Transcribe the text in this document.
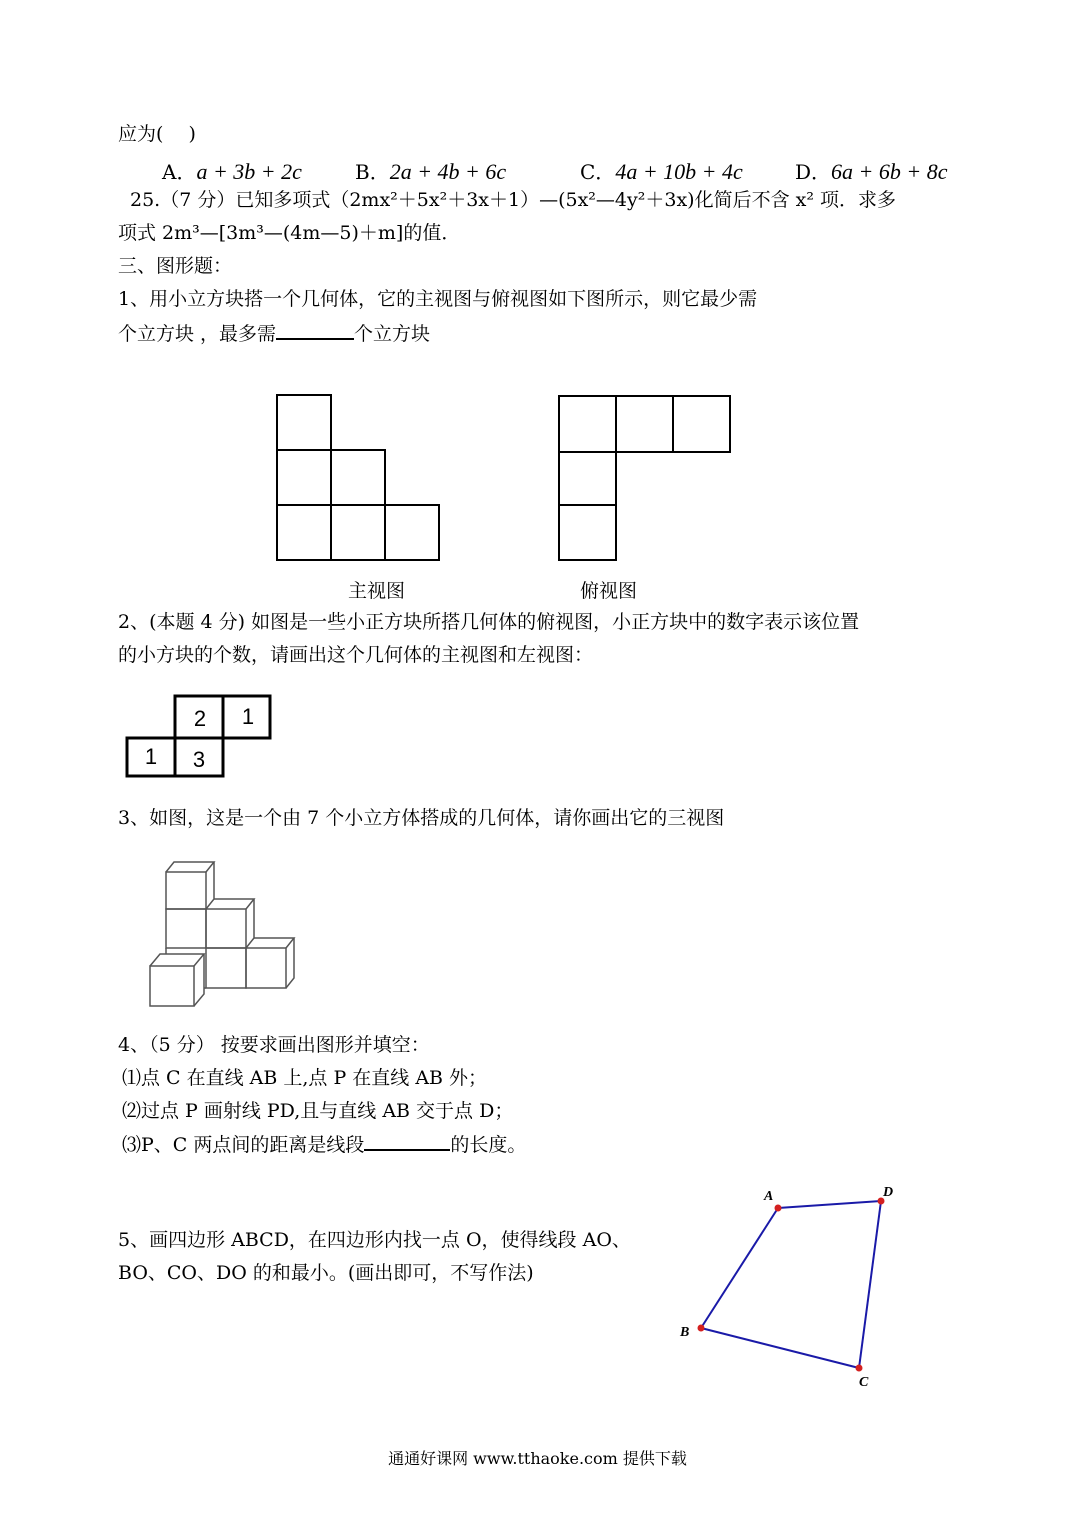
应为(　 )
A．a + 3b + 2c	B．2a + 4b + 6c	C．4a + 10b + 4c	D．6a + 6b + 8c
25.（7 分）已知多项式（2mx²＋5x²＋3x＋1）—(5x²—4y²＋3x)化简后不含 x² 项．求多
项式 2m³—[3m³—(4m—5)＋m]的值．
三、图形题：
1、用小立方块搭一个几何体，它的主视图与俯视图如下图所示，则它最少需
个立方块 ，最多需	个立方块
主视图	俯视图
2、(本题 4 分) 如图是一些小正方块所搭几何体的俯视图，小正方块中的数字表示该位置
的小方块的个数，请画出这个几何体的主视图和左视图：
2 1
1 3
3、如图，这是一个由 7 个小立方体搭成的几何体，请你画出它的三视图
4、（5 分） 按要求画出图形并填空：
⑴点 C 在直线 AB 上,点 P 在直线 AB 外；
⑵过点 P 画射线 PD,且与直线 AB 交于点 D；
⑶P、C 两点间的距离是线段	的长度。
5、画四边形 ABCD，在四边形内找一点 O，使得线段 AO、
BO、CO、DO 的和最小。(画出即可，不写作法)
A	D
B
C
通通好课网 www.tthaoke.com 提供下载
